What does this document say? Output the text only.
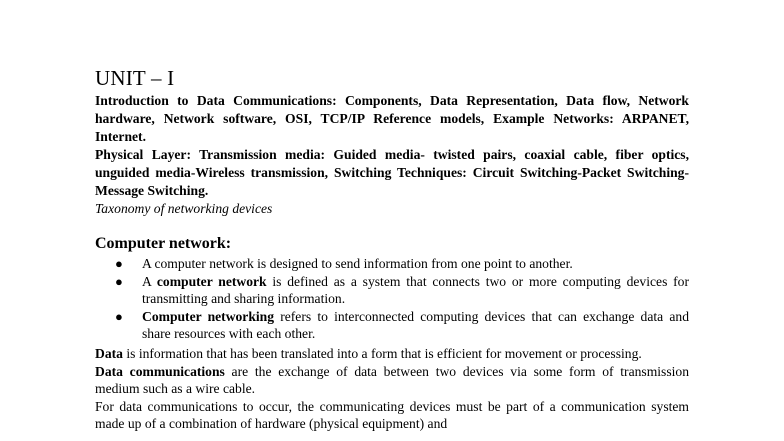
UNIT – I

Introduction to Data Communications: Components, Data Representation, Data flow, Network hardware, Network software, OSI, TCP/IP Reference models, Example Networks: ARPANET, Internet.

Physical Layer: Transmission media: Guided media- twisted pairs, coaxial cable, fiber optics, unguided media-Wireless transmission, Switching Techniques: Circuit Switching-Packet Switching-Message Switching.

Taxonomy of networking devices

Computer network:
● A computer network is designed to send information from one point to another.
● A computer network is defined as a system that connects two or more computing devices for transmitting and sharing information.
● Computer networking refers to interconnected computing devices that can exchange data and share resources with each other.

Data is information that has been translated into a form that is efficient for movement or processing.

Data communications are the exchange of data between two devices via some form of transmission medium such as a wire cable.

For data communications to occur, the communicating devices must be part of a communication system made up of a combination of hardware (physical equipment) and
